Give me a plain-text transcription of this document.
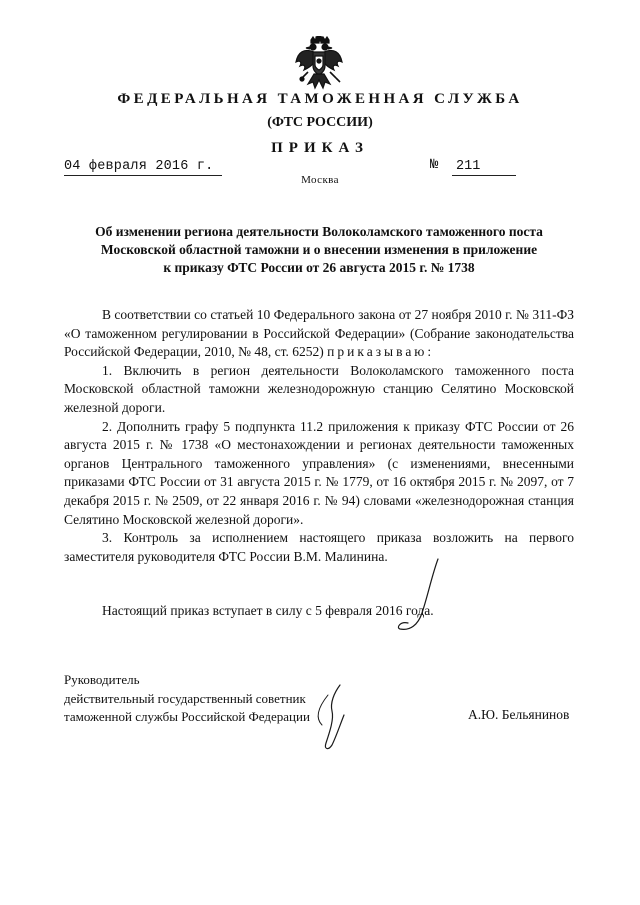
ФЕДЕРАЛЬНАЯ ТАМОЖЕННАЯ СЛУЖБА
(ФТС РОССИИ)
ПРИКАЗ
04 февраля 2016 г.	№ 211
Москва
Об изменении региона деятельности Волоколамского таможенного поста
Московской областной таможни и о внесении изменения в приложение
к приказу ФТС России от 26 августа 2015 г. № 1738

В соответствии со статьей 10 Федерального закона от 27 ноября 2010 г. № 311-ФЗ «О таможенном регулировании в Российской Федерации» (Собрание законодательства Российской Федерации, 2010, № 48, ст. 6252) приказываю:

1. Включить в регион деятельности Волоколамского таможенного поста Московской областной таможни железнодорожную станцию Селятино Московской железной дороги.

2. Дополнить графу 5 подпункта 11.2 приложения к приказу ФТС России от 26 августа 2015 г. № 1738 «О местонахождении и регионах деятельности таможенных органов Центрального таможенного управления» (с изменениями, внесенными приказами ФТС России от 31 августа 2015 г. № 1779, от 16 октября 2015 г. № 2097, от 7 декабря 2015 г. № 2509, от 22 января 2016 г. № 94) словами «железнодорожная станция Селятино Московской железной дороги».

3. Контроль за исполнением настоящего приказа возложить на первого заместителя руководителя ФТС России В.М. Малинина.

Настоящий приказ вступает в силу с 5 февраля 2016 года.
Руководитель
действительный государственный советник
таможенной службы Российской Федерации	А.Ю. Бельянинов
